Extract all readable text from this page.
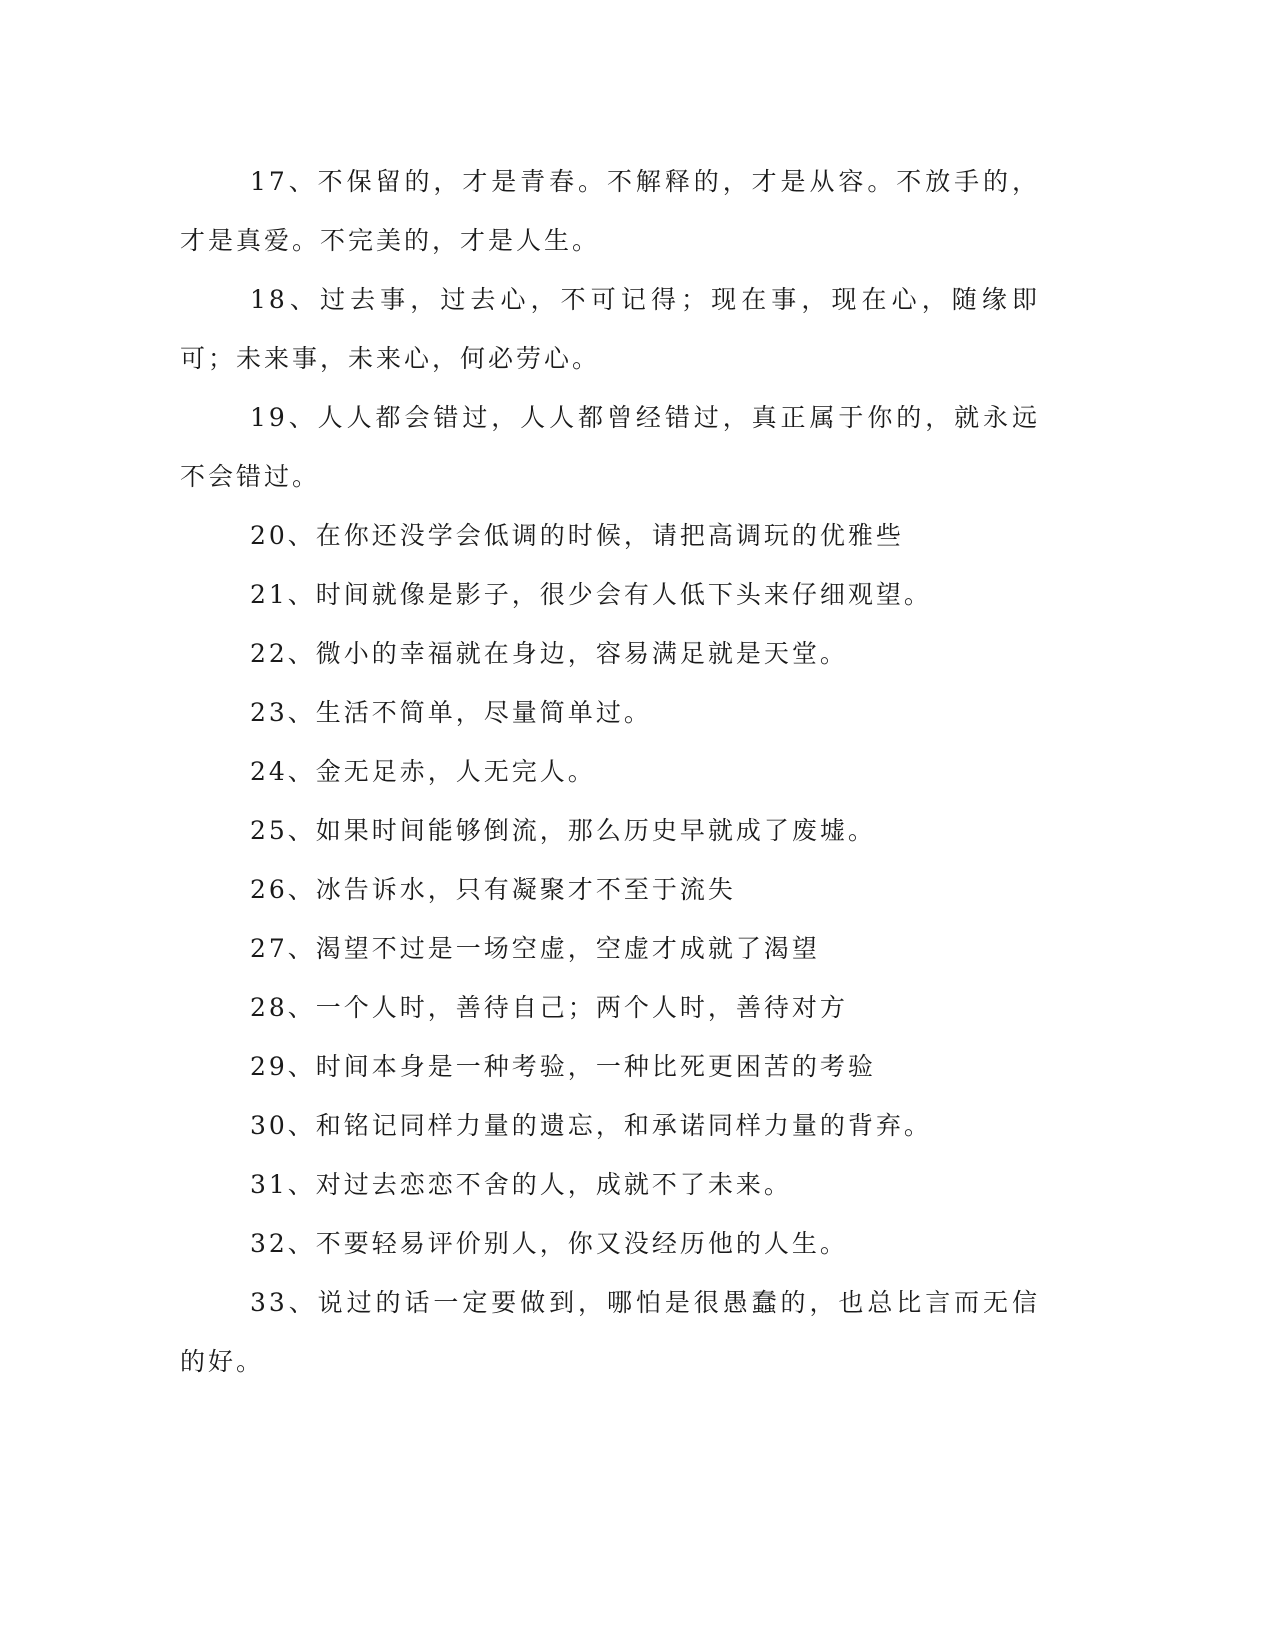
17、不保留的，才是青春。不解释的，才是从容。不放手的，才是真爱。不完美的，才是人生。

18、过去事，过去心，不可记得；现在事，现在心，随缘即可；未来事，未来心，何必劳心。

19、人人都会错过，人人都曾经错过，真正属于你的，就永远不会错过。

20、在你还没学会低调的时候，请把高调玩的优雅些

21、时间就像是影子，很少会有人低下头来仔细观望。

22、微小的幸福就在身边，容易满足就是天堂。

23、生活不简单，尽量简单过。

24、金无足赤，人无完人。

25、如果时间能够倒流，那么历史早就成了废墟。

26、冰告诉水，只有凝聚才不至于流失

27、渴望不过是一场空虚，空虚才成就了渴望

28、一个人时，善待自己；两个人时，善待对方

29、时间本身是一种考验，一种比死更困苦的考验

30、和铭记同样力量的遗忘，和承诺同样力量的背弃。

31、对过去恋恋不舍的人，成就不了未来。

32、不要轻易评价别人，你又没经历他的人生。

33、说过的话一定要做到，哪怕是很愚蠢的，也总比言而无信的好。
